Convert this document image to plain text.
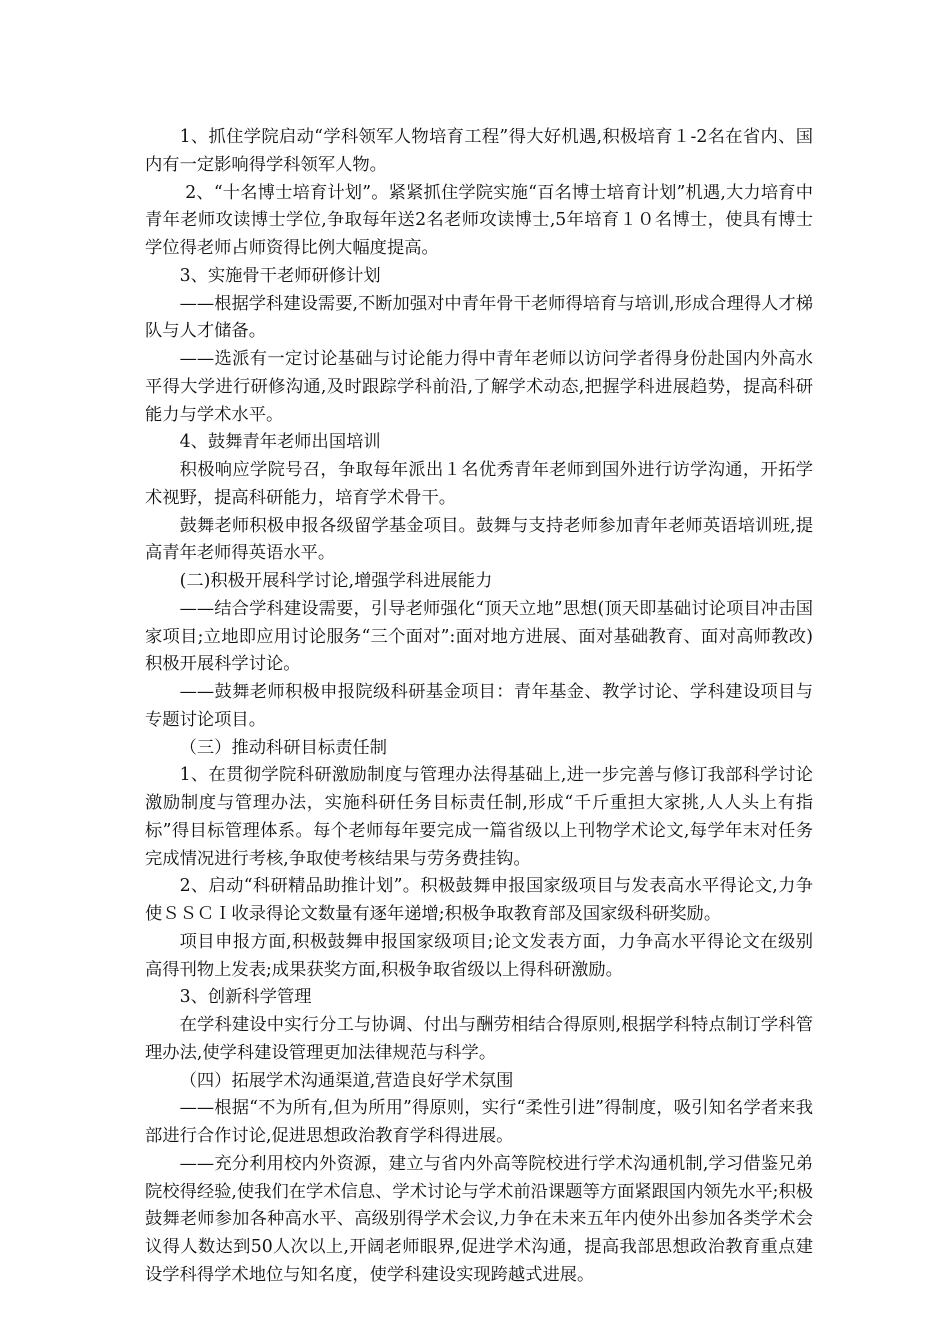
1、抓住学院启动“学科领军人物培育工程”得大好机遇,积极培育１-2名在省内、国内有一定影响得学科领军人物。

2、“十名博士培育计划”。紧紧抓住学院实施“百名博士培育计划”机遇,大力培育中青年老师攻读博士学位,争取每年送2名老师攻读博士,5年培育１０名博士，使具有博士学位得老师占师资得比例大幅度提高。

3、实施骨干老师研修计划

——根据学科建设需要,不断加强对中青年骨干老师得培育与培训,形成合理得人才梯队与人才储备。

——选派有一定讨论基础与讨论能力得中青年老师以访问学者得身份赴国内外高水平得大学进行研修沟通,及时跟踪学科前沿,了解学术动态,把握学科进展趋势，提高科研能力与学术水平。

4、鼓舞青年老师出国培训

积极响应学院号召，争取每年派出１名优秀青年老师到国外进行访学沟通，开拓学术视野，提高科研能力，培育学术骨干。

鼓舞老师积极申报各级留学基金项目。鼓舞与支持老师参加青年老师英语培训班,提高青年老师得英语水平。

(二)积极开展科学讨论,增强学科进展能力

——结合学科建设需要，引导老师强化“顶天立地”思想(顶天即基础讨论项目冲击国家项目;立地即应用讨论服务“三个面对”:面对地方进展、面对基础教育、面对高师教改)积极开展科学讨论。

——鼓舞老师积极申报院级科研基金项目：青年基金、教学讨论、学科建设项目与专题讨论项目。

（三）推动科研目标责任制

1、在贯彻学院科研激励制度与管理办法得基础上,进一步完善与修订我部科学讨论激励制度与管理办法，实施科研任务目标责任制,形成“千斤重担大家挑,人人头上有指标”得目标管理体系。每个老师每年要完成一篇省级以上刊物学术论文,每学年末对任务完成情况进行考核,争取使考核结果与劳务费挂钩。

2、启动“科研精品助推计划”。积极鼓舞申报国家级项目与发表高水平得论文,力争使ＳＳＣＩ收录得论文数量有逐年递增;积极争取教育部及国家级科研奖励。

项目申报方面,积极鼓舞申报国家级项目;论文发表方面，力争高水平得论文在级别高得刊物上发表;成果获奖方面,积极争取省级以上得科研激励。

3、创新科学管理

在学科建设中实行分工与协调、付出与酬劳相结合得原则,根据学科特点制订学科管理办法,使学科建设管理更加法律规范与科学。

（四）拓展学术沟通渠道,营造良好学术氛围

——根据“不为所有,但为所用”得原则，实行“柔性引进”得制度，吸引知名学者来我部进行合作讨论,促进思想政治教育学科得进展。

——充分利用校内外资源，建立与省内外高等院校进行学术沟通机制,学习借鉴兄弟院校得经验,使我们在学术信息、学术讨论与学术前沿课题等方面紧跟国内领先水平;积极鼓舞老师参加各种高水平、高级别得学术会议,力争在未来五年内使外出参加各类学术会议得人数达到50人次以上,开阔老师眼界,促进学术沟通，提高我部思想政治教育重点建设学科得学术地位与知名度，使学科建设实现跨越式进展。
